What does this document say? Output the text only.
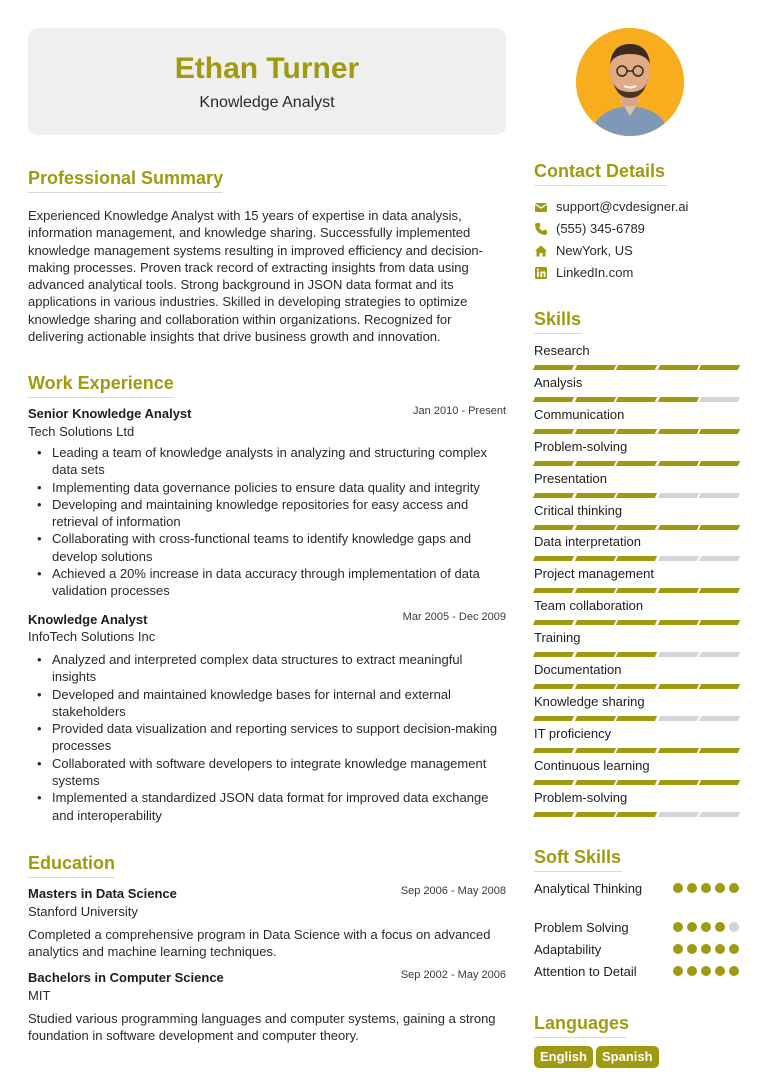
Ethan Turner
Knowledge Analyst
Professional Summary
Experienced Knowledge Analyst with 15 years of expertise in data analysis, information management, and knowledge sharing. Successfully implemented knowledge management systems resulting in improved efficiency and decision-making processes. Proven track record of extracting insights from data using advanced analytical tools. Strong background in JSON data format and its applications in various industries. Skilled in developing strategies to optimize knowledge sharing and collaboration within organizations. Recognized for delivering actionable insights that drive business growth and innovation.
Work Experience
Senior Knowledge Analyst	Jan 2010 - Present
Tech Solutions Ltd
• Leading a team of knowledge analysts in analyzing and structuring complex data sets
• Implementing data governance policies to ensure data quality and integrity
• Developing and maintaining knowledge repositories for easy access and retrieval of information
• Collaborating with cross-functional teams to identify knowledge gaps and develop solutions
• Achieved a 20% increase in data accuracy through implementation of data validation processes
Knowledge Analyst	Mar 2005 - Dec 2009
InfoTech Solutions Inc
• Analyzed and interpreted complex data structures to extract meaningful insights
• Developed and maintained knowledge bases for internal and external stakeholders
• Provided data visualization and reporting services to support decision-making processes
• Collaborated with software developers to integrate knowledge management systems
• Implemented a standardized JSON data format for improved data exchange and interoperability
Education
Masters in Data Science	Sep 2006 - May 2008
Stanford University
Completed a comprehensive program in Data Science with a focus on advanced analytics and machine learning techniques.
Bachelors in Computer Science	Sep 2002 - May 2006
MIT
Studied various programming languages and computer systems, gaining a strong foundation in software development and computer theory.
Contact Details
support@cvdesigner.ai
(555) 345-6789
NewYork, US
LinkedIn.com
Skills
Research
Analysis
Communication
Problem-solving
Presentation
Critical thinking
Data interpretation
Project management
Team collaboration
Training
Documentation
Knowledge sharing
IT proficiency
Continuous learning
Problem-solving
Soft Skills
Analytical Thinking
Problem Solving
Adaptability
Attention to Detail
Languages
English	Spanish
